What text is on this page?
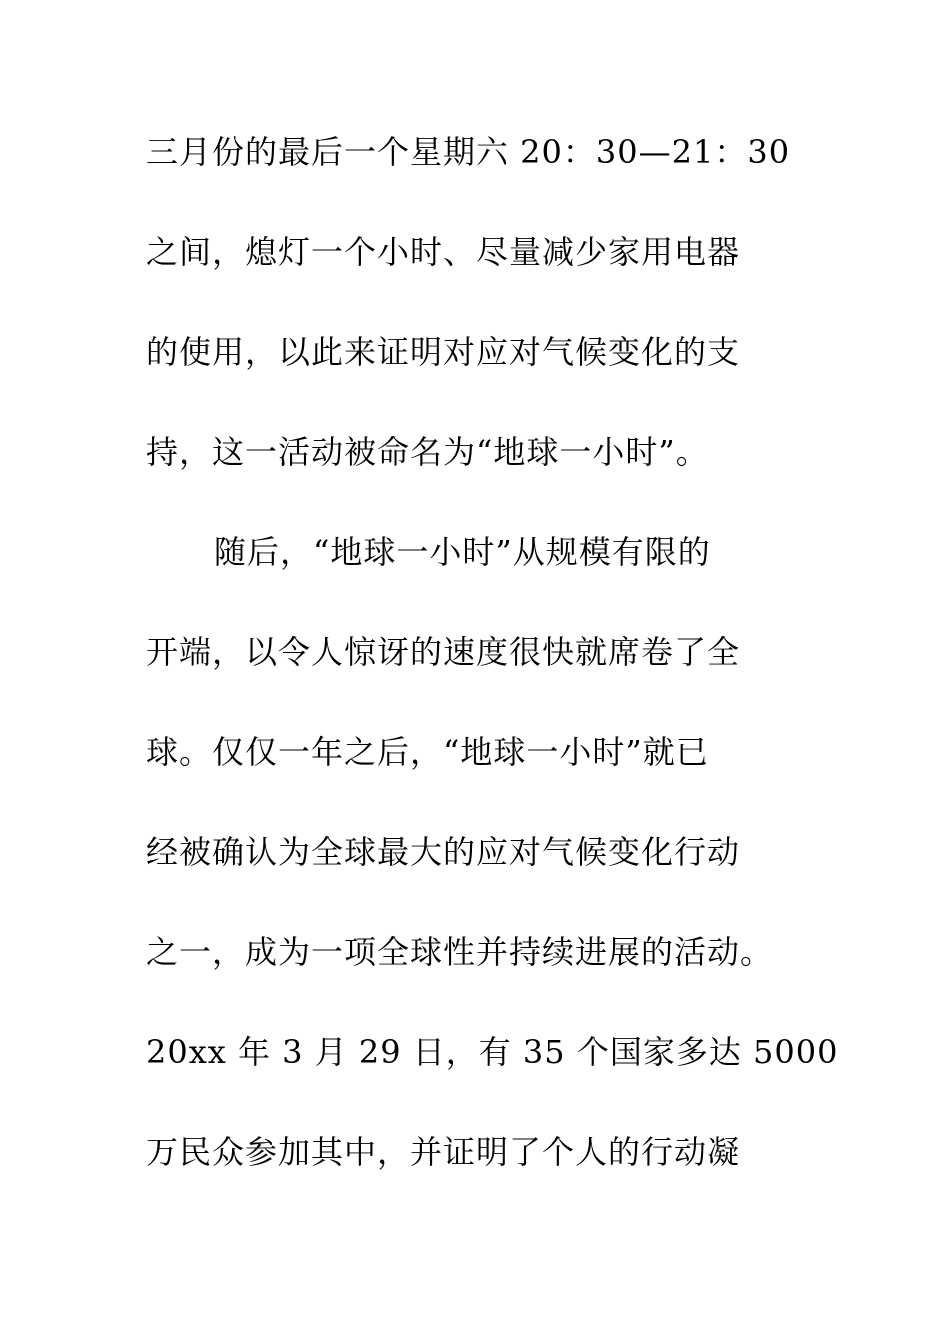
三月份的最后一个星期六 20：30—21：30
之间，熄灯一个小时、尽量减少家用电器
的使用，以此来证明对应对气候变化的支
持，这一活动被命名为“地球一小时”。
随后，“地球一小时”从规模有限的
开端，以令人惊讶的速度很快就席卷了全
球。仅仅一年之后，“地球一小时”就已
经被确认为全球最大的应对气候变化行动
之一，成为一项全球性并持续进展的活动。
20xx 年 3 月 29 日，有 35 个国家多达 5000
万民众参加其中，并证明了个人的行动凝
